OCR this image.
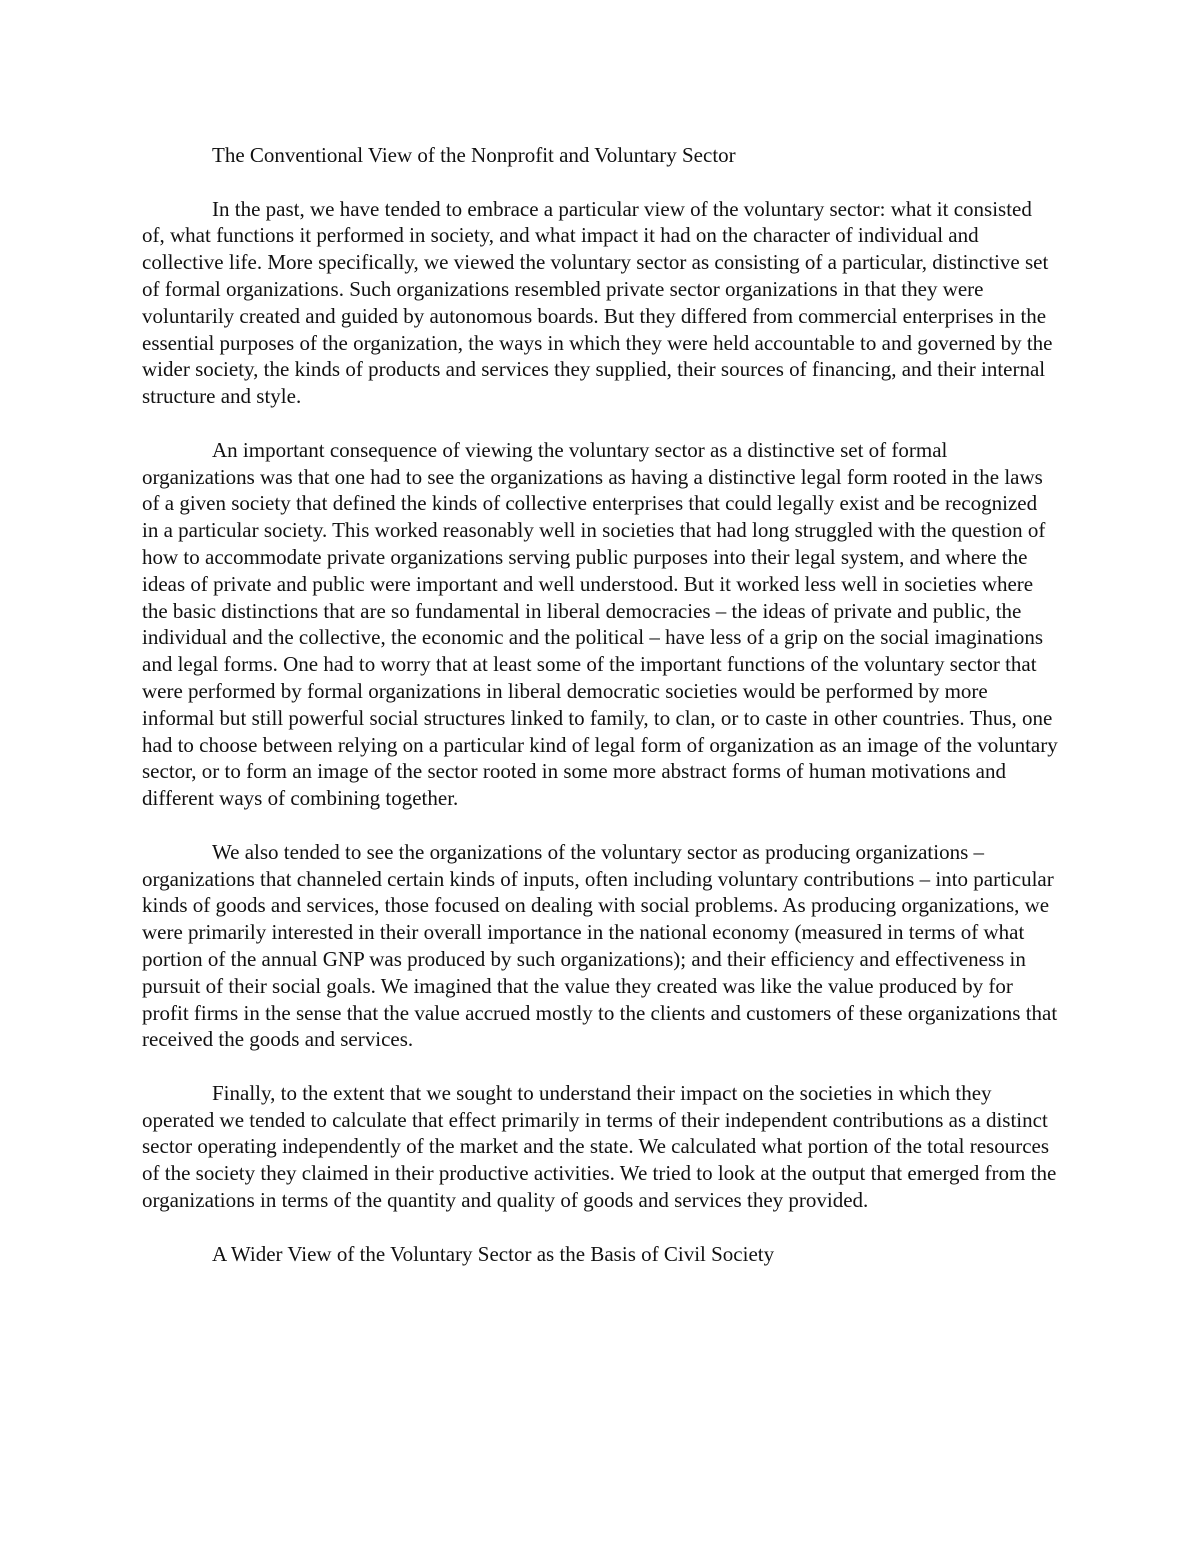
The Conventional View of the Nonprofit and Voluntary Sector

In the past, we have tended to embrace a particular view of the voluntary sector: what it consisted of, what functions it performed in society, and what impact it had on the character of individual and collective life. More specifically, we viewed the voluntary sector as consisting of a particular, distinctive set of formal organizations. Such organizations resembled private sector organizations in that they were voluntarily created and guided by autonomous boards. But they differed from commercial enterprises in the essential purposes of the organization, the ways in which they were held accountable to and governed by the wider society, the kinds of products and services they supplied, their sources of financing, and their internal structure and style.

An important consequence of viewing the voluntary sector as a distinctive set of formal organizations was that one had to see the organizations as having a distinctive legal form rooted in the laws of a given society that defined the kinds of collective enterprises that could legally exist and be recognized in a particular society. This worked reasonably well in societies that had long struggled with the question of how to accommodate private organizations serving public purposes into their legal system, and where the ideas of private and public were important and well understood. But it worked less well in societies where the basic distinctions that are so fundamental in liberal democracies – the ideas of private and public, the individual and the collective, the economic and the political – have less of a grip on the social imaginations and legal forms. One had to worry that at least some of the important functions of the voluntary sector that were performed by formal organizations in liberal democratic societies would be performed by more informal but still powerful social structures linked to family, to clan, or to caste in other countries. Thus, one had to choose between relying on a particular kind of legal form of organization as an image of the voluntary sector, or to form an image of the sector rooted in some more abstract forms of human motivations and different ways of combining together.

We also tended to see the organizations of the voluntary sector as producing organizations – organizations that channeled certain kinds of inputs, often including voluntary contributions – into particular kinds of goods and services, those focused on dealing with social problems. As producing organizations, we were primarily interested in their overall importance in the national economy (measured in terms of what portion of the annual GNP was produced by such organizations); and their efficiency and effectiveness in pursuit of their social goals. We imagined that the value they created was like the value produced by for profit firms in the sense that the value accrued mostly to the clients and customers of these organizations that received the goods and services.

Finally, to the extent that we sought to understand their impact on the societies in which they operated we tended to calculate that effect primarily in terms of their independent contributions as a distinct sector operating independently of the market and the state. We calculated what portion of the total resources of the society they claimed in their productive activities. We tried to look at the output that emerged from the organizations in terms of the quantity and quality of goods and services they provided.

A Wider View of the Voluntary Sector as the Basis of Civil Society
